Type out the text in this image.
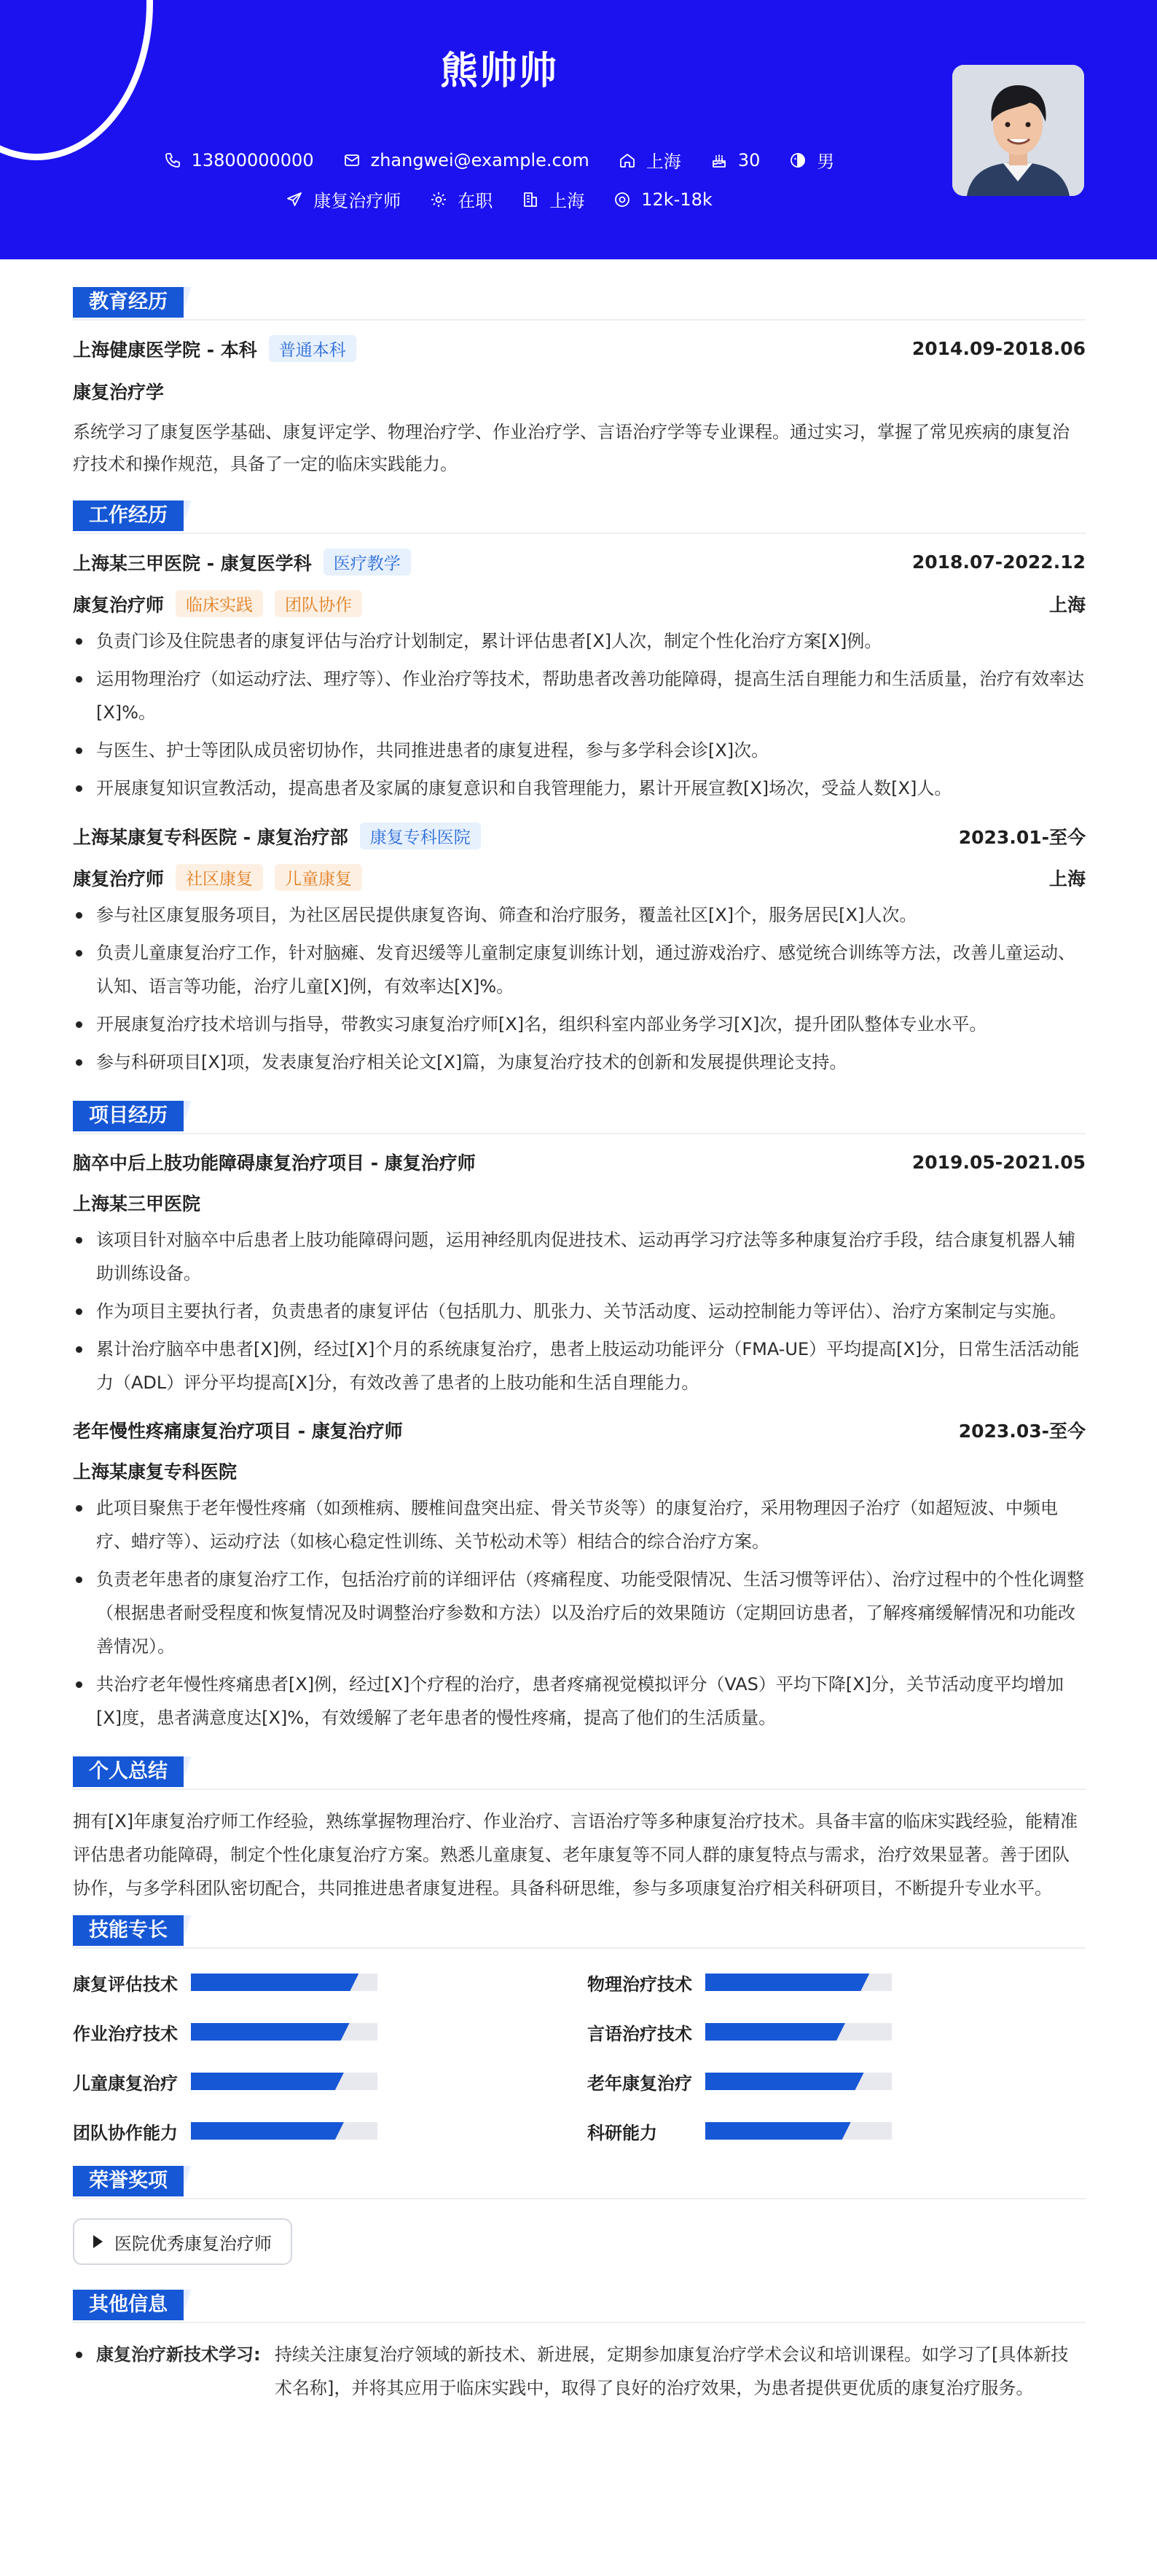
熊帅帅
13800000000	zhangwei@example.com	上海	30	男
康复治疗师	在职	上海	12k-18k
教育经历
上海健康医学院 - 本科	普通本科	2014.09-2018.06
康复治疗学
系统学习了康复医学基础、康复评定学、物理治疗学、作业治疗学、言语治疗学等专业课程。通过实习，掌握了常见疾病的康复治疗技术和操作规范，具备了一定的临床实践能力。
工作经历
上海某三甲医院 - 康复医学科	医疗教学	2018.07-2022.12
康复治疗师	临床实践	团队协作	上海
负责门诊及住院患者的康复评估与治疗计划制定，累计评估患者[X]人次，制定个性化治疗方案[X]例。
运用物理治疗（如运动疗法、理疗等）、作业治疗等技术，帮助患者改善功能障碍，提高生活自理能力和生活质量，治疗有效率达[X]%。
与医生、护士等团队成员密切协作，共同推进患者的康复进程，参与多学科会诊[X]次。
开展康复知识宣教活动，提高患者及家属的康复意识和自我管理能力，累计开展宣教[X]场次，受益人数[X]人。
上海某康复专科医院 - 康复治疗部	康复专科医院	2023.01-至今
康复治疗师	社区康复	儿童康复	上海
参与社区康复服务项目，为社区居民提供康复咨询、筛查和治疗服务，覆盖社区[X]个，服务居民[X]人次。
负责儿童康复治疗工作，针对脑瘫、发育迟缓等儿童制定康复训练计划，通过游戏治疗、感觉统合训练等方法，改善儿童运动、认知、语言等功能，治疗儿童[X]例，有效率达[X]%。
开展康复治疗技术培训与指导，带教实习康复治疗师[X]名，组织科室内部业务学习[X]次，提升团队整体专业水平。
参与科研项目[X]项，发表康复治疗相关论文[X]篇，为康复治疗技术的创新和发展提供理论支持。
项目经历
脑卒中后上肢功能障碍康复治疗项目 - 康复治疗师	2019.05-2021.05
上海某三甲医院
该项目针对脑卒中后患者上肢功能障碍问题，运用神经肌肉促进技术、运动再学习疗法等多种康复治疗手段，结合康复机器人辅助训练设备。
作为项目主要执行者，负责患者的康复评估（包括肌力、肌张力、关节活动度、运动控制能力等评估）、治疗方案制定与实施。
累计治疗脑卒中患者[X]例，经过[X]个月的系统康复治疗，患者上肢运动功能评分（FMA-UE）平均提高[X]分，日常生活活动能力（ADL）评分平均提高[X]分，有效改善了患者的上肢功能和生活自理能力。
老年慢性疼痛康复治疗项目 - 康复治疗师	2023.03-至今
上海某康复专科医院
此项目聚焦于老年慢性疼痛（如颈椎病、腰椎间盘突出症、骨关节炎等）的康复治疗，采用物理因子治疗（如超短波、中频电疗、蜡疗等）、运动疗法（如核心稳定性训练、关节松动术等）相结合的综合治疗方案。
负责老年患者的康复治疗工作，包括治疗前的详细评估（疼痛程度、功能受限情况、生活习惯等评估）、治疗过程中的个性化调整（根据患者耐受程度和恢复情况及时调整治疗参数和方法）以及治疗后的效果随访（定期回访患者，了解疼痛缓解情况和功能改善情况）。
共治疗老年慢性疼痛患者[X]例，经过[X]个疗程的治疗，患者疼痛视觉模拟评分（VAS）平均下降[X]分，关节活动度平均增加[X]度，患者满意度达[X]%，有效缓解了老年患者的慢性疼痛，提高了他们的生活质量。
个人总结
拥有[X]年康复治疗师工作经验，熟练掌握物理治疗、作业治疗、言语治疗等多种康复治疗技术。具备丰富的临床实践经验，能精准评估患者功能障碍，制定个性化康复治疗方案。熟悉儿童康复、老年康复等不同人群的康复特点与需求，治疗效果显著。善于团队协作，与多学科团队密切配合，共同推进患者康复进程。具备科研思维，参与多项康复治疗相关科研项目，不断提升专业水平。
技能专长
康复评估技术	物理治疗技术
作业治疗技术	言语治疗技术
儿童康复治疗	老年康复治疗
团队协作能力	科研能力
荣誉奖项
医院优秀康复治疗师
其他信息
康复治疗新技术学习: 持续关注康复治疗领域的新技术、新进展，定期参加康复治疗学术会议和培训课程。如学习了[具体新技术名称]，并将其应用于临床实践中，取得了良好的治疗效果，为患者提供更优质的康复治疗服务。
